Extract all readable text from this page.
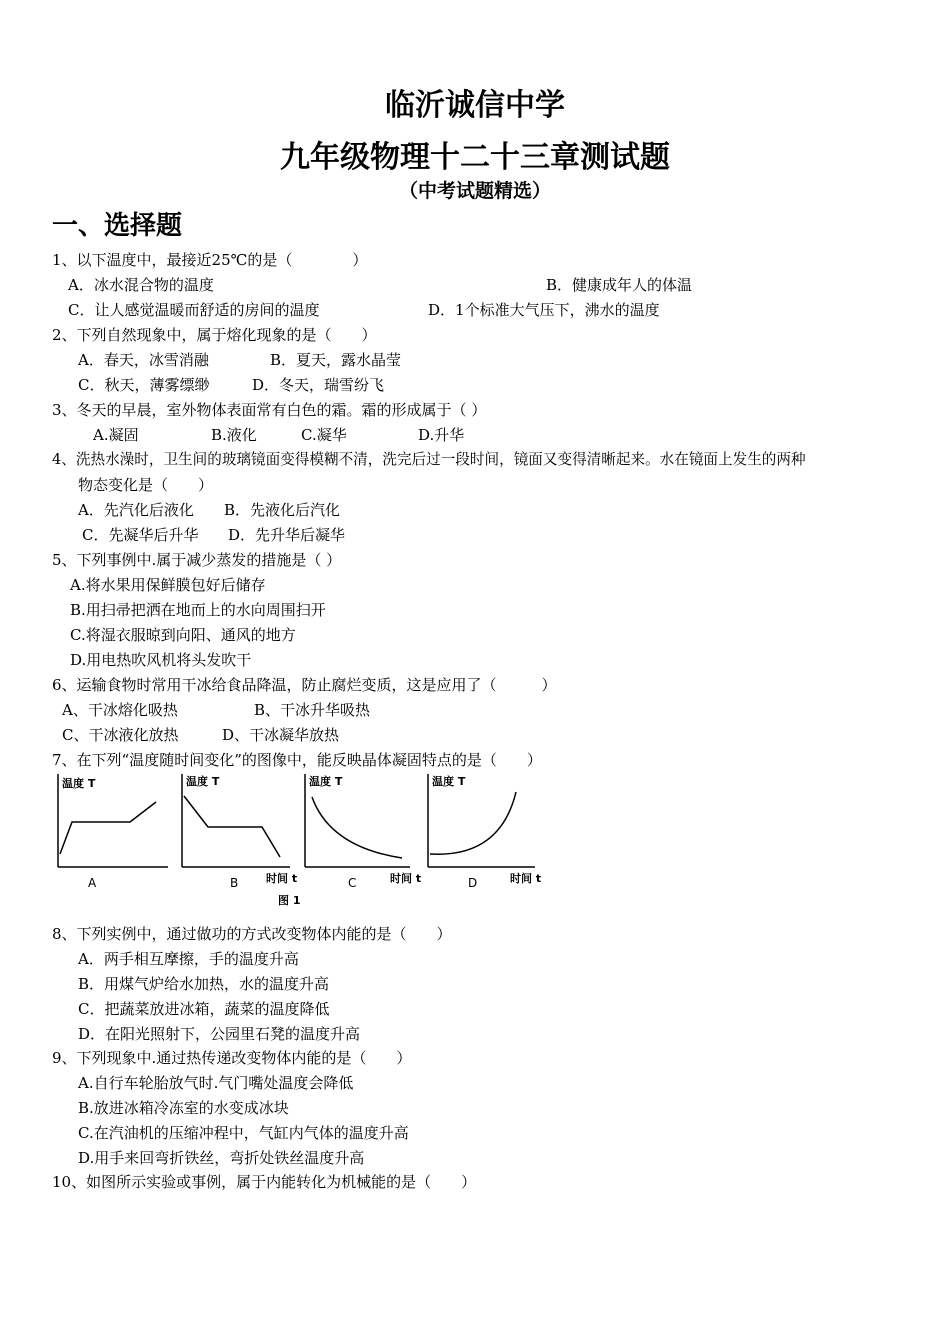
临沂诚信中学
九年级物理十二十三章测试题
（中考试题精选）
一、选择题
1、以下温度中，最接近25℃的是（　　　　）
A．冰水混合物的温度	B．健康成年人的体温
C．让人感觉温暖而舒适的房间的温度	D．1个标准大气压下，沸水的温度
2、下列自然现象中，属于熔化现象的是（　　）
A．春天，冰雪消融	B．夏天，露水晶莹
C．秋天，薄雾缥缈	D．冬天，瑞雪纷飞
3、冬天的早晨，室外物体表面常有白色的霜。霜的形成属于（ ）
A.凝固	B.液化	C.凝华	D.升华
4、洗热水澡时，卫生间的玻璃镜面变得模糊不清，洗完后过一段时间，镜面又变得清晰起来。水在镜面上发生的两种
物态变化是（　　）
A．先汽化后液化 B．先液化后汽化
C．先凝华后升华 D．先升华后凝华
5、下列事例中.属于减少蒸发的措施是（ ）
A.将水果用保鲜膜包好后储存
B.用扫帚把洒在地而上的水向周围扫开
C.将湿衣服晾到向阳、通风的地方
D.用电热吹风机将头发吹干
6、运输食物时常用干冰给食品降温，防止腐烂变质，这是应用了（　　　）
A、干冰熔化吸热	B、干冰升华吸热
C、干冰液化放热	D、干冰凝华放热
7、在下列“温度随时间变化”的图像中，能反映晶体凝固特点的是（　　）
温度 T	温度 T	温度 T	温度 T
时间 t	时间 t	时间 t
A	B	C	D
图 1
8、下列实例中，通过做功的方式改变物体内能的是（　　）
A．两手相互摩擦，手的温度升高
B．用煤气炉给水加热，水的温度升高
C．把蔬菜放进冰箱，蔬菜的温度降低
D．在阳光照射下，公园里石凳的温度升高
9、下列现象中.通过热传递改变物体内能的是（　　）
A.自行车轮胎放气时.气门嘴处温度会降低
B.放进冰箱冷冻室的水变成冰块
C.在汽油机的压缩冲程中，气缸内气体的温度升高
D.用手来回弯折铁丝，弯折处铁丝温度升高
10、如图所示实验或事例，属于内能转化为机械能的是（　　）
